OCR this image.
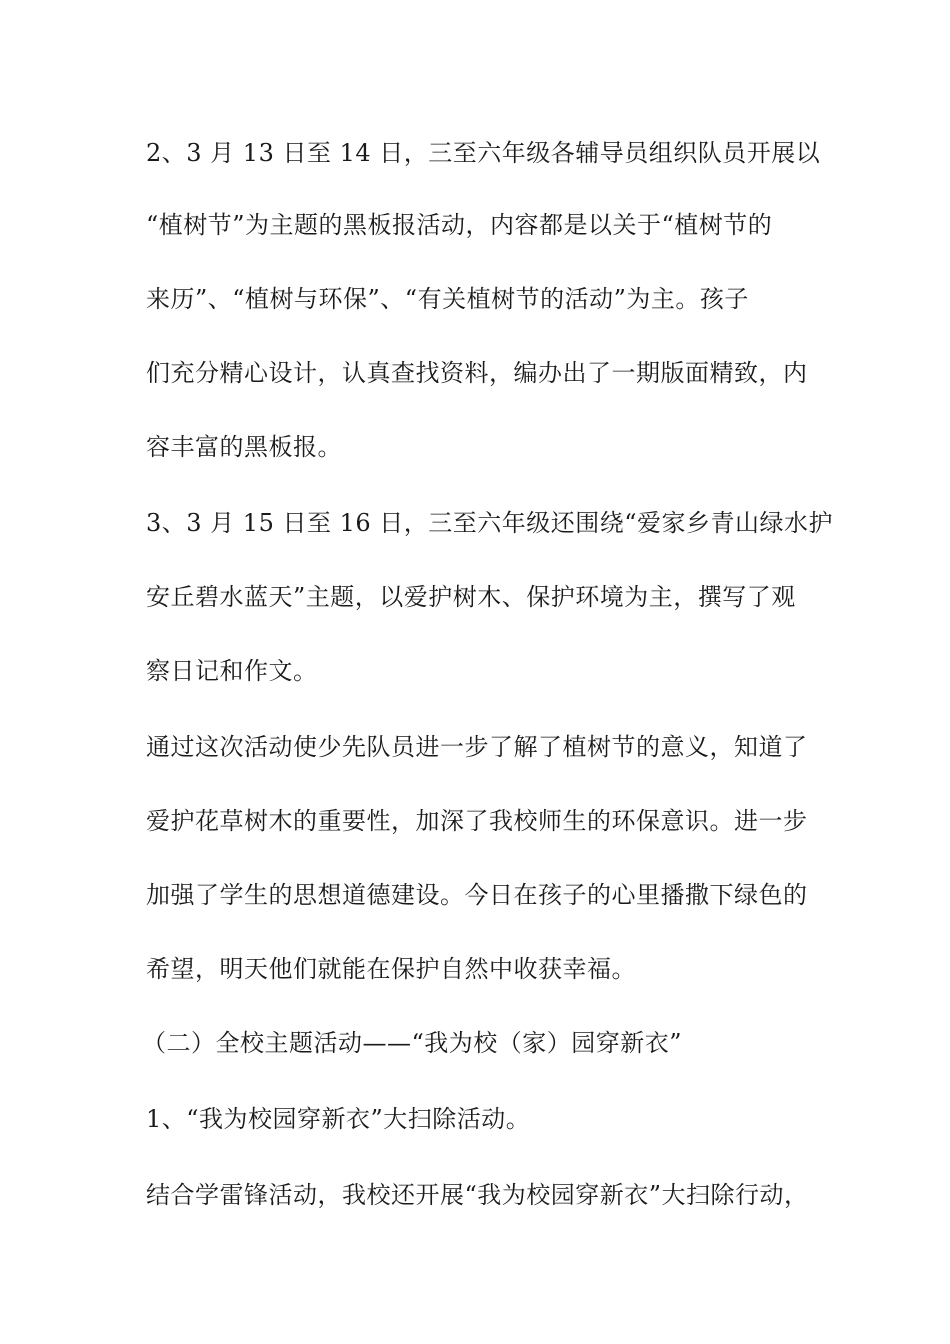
2、3 月 13 日至 14 日，三至六年级各辅导员组织队员开展以
“植树节”为主题的黑板报活动，内容都是以关于“植树节的
来历”、“植树与环保”、“有关植树节的活动”为主。孩子
们充分精心设计，认真查找资料，编办出了一期版面精致，内
容丰富的黑板报。
3、3 月 15 日至 16 日，三至六年级还围绕“爱家乡青山绿水护
安丘碧水蓝天”主题，以爱护树木、保护环境为主，撰写了观
察日记和作文。
通过这次活动使少先队员进一步了解了植树节的意义，知道了
爱护花草树木的重要性，加深了我校师生的环保意识。进一步
加强了学生的思想道德建设。今日在孩子的心里播撒下绿色的
希望，明天他们就能在保护自然中收获幸福。
（二）全校主题活动——“我为校（家）园穿新衣”
1、“我为校园穿新衣”大扫除活动。
结合学雷锋活动，我校还开展“我为校园穿新衣”大扫除行动，
